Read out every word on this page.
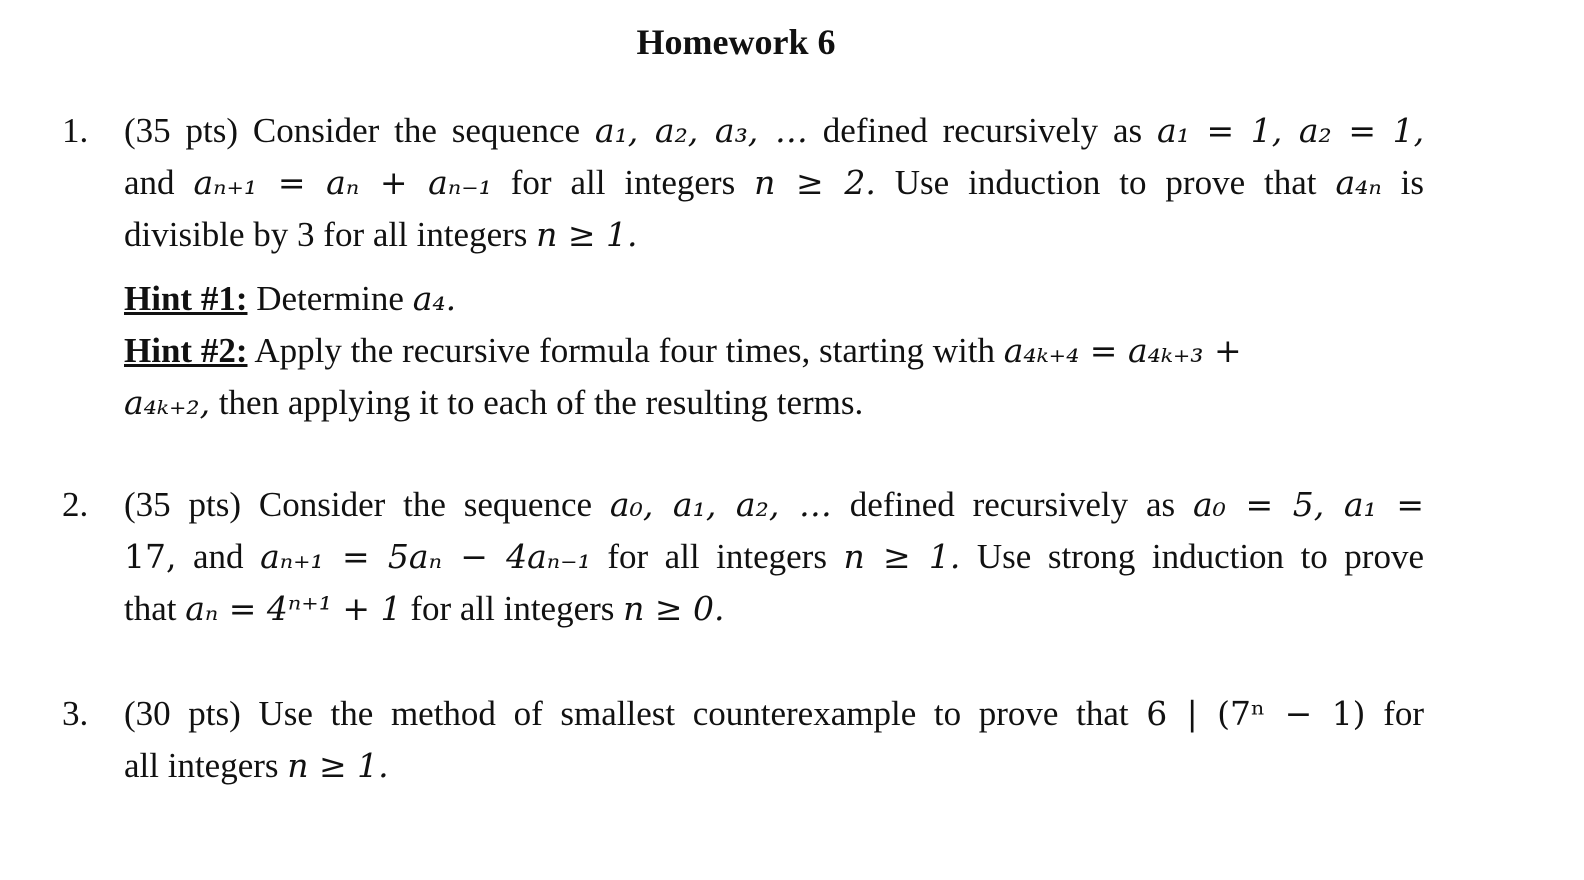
Homework 6
1. (35 pts) Consider the sequence a₁, a₂, a₃, … defined recursively as a₁ = 1, a₂ = 1,
and aₙ₊₁ = aₙ + aₙ₋₁ for all integers n ≥ 2. Use induction to prove that a₄ₙ is
divisible by 3 for all integers n ≥ 1.
Hint #1: Determine a₄.
Hint #2: Apply the recursive formula four times, starting with a₄ₖ₊₄ = a₄ₖ₊₃ +
a₄ₖ₊₂, then applying it to each of the resulting terms.
2. (35 pts) Consider the sequence a₀, a₁, a₂, … defined recursively as a₀ = 5, a₁ =
17, and aₙ₊₁ = 5aₙ − 4aₙ₋₁ for all integers n ≥ 1. Use strong induction to prove
that aₙ = 4ⁿ⁺¹ + 1 for all integers n ≥ 0.
3. (30 pts) Use the method of smallest counterexample to prove that 6 | (7ⁿ − 1) for
all integers n ≥ 1.
